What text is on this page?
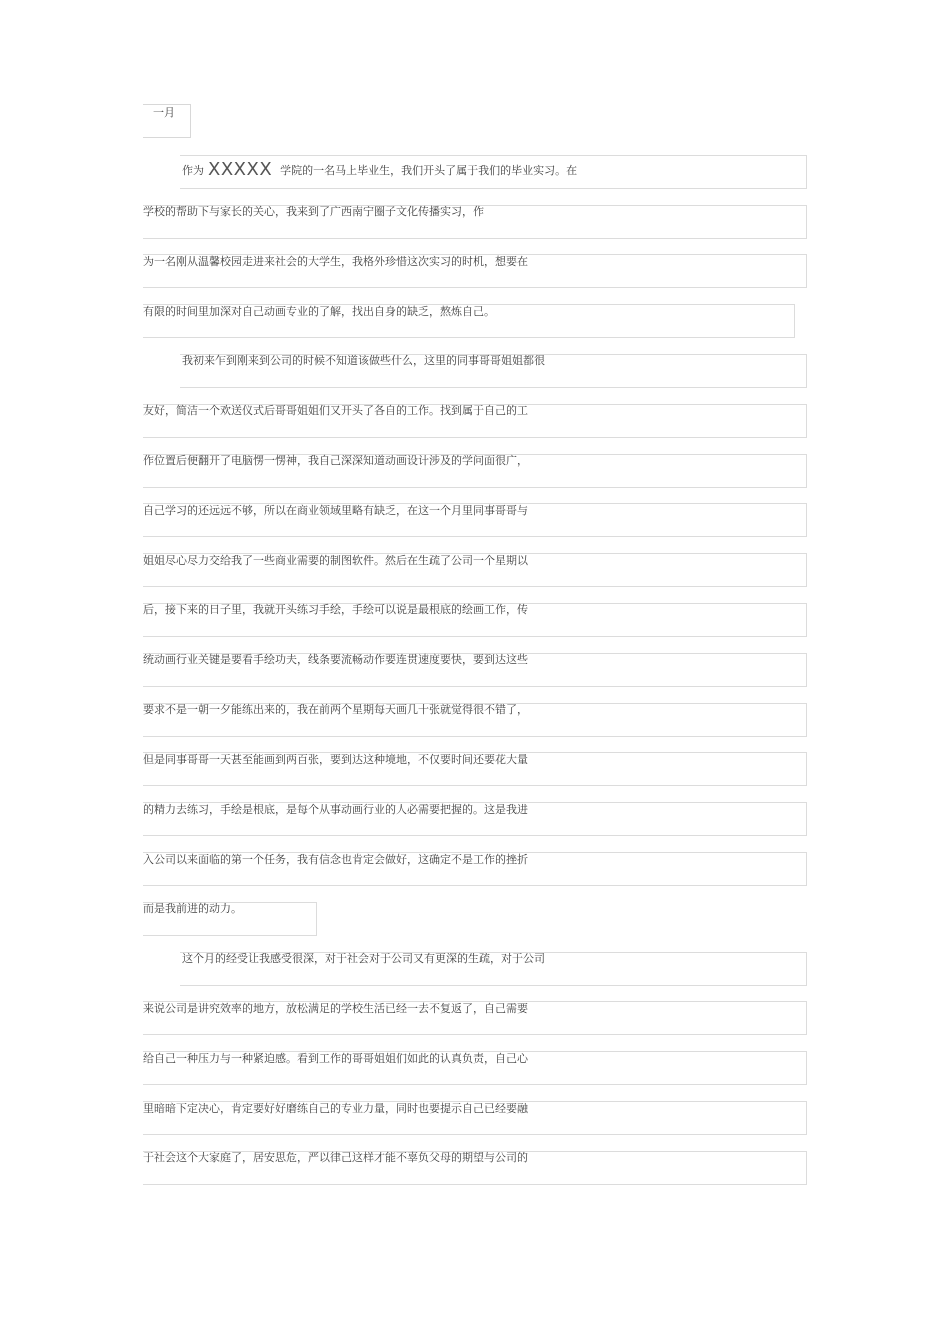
一月
作为 XXXXX 学院的一名马上毕业生，我们开头了属于我们的毕业实习。在
学校的帮助下与家长的关心，我来到了广西南宁圈子文化传播实习，作
为一名刚从温馨校园走进来社会的大学生，我格外珍惜这次实习的时机，想要在
有限的时间里加深对自己动画专业的了解，找出自身的缺乏，熬炼自己。
我初来乍到刚来到公司的时候不知道该做些什么，这里的同事哥哥姐姐都很
友好，简洁一个欢送仪式后哥哥姐姐们又开头了各自的工作。找到属于自己的工
作位置后便翻开了电脑愣一愣神，我自己深深知道动画设计涉及的学问面很广，
自己学习的还远远不够，所以在商业领域里略有缺乏，在这一个月里同事哥哥与
姐姐尽心尽力交给我了一些商业需要的制图软件。然后在生疏了公司一个星期以
后，接下来的日子里，我就开头练习手绘，手绘可以说是最根底的绘画工作，传
统动画行业关键是要看手绘功夫，线条要流畅动作要连贯速度要快，要到达这些
要求不是一朝一夕能练出来的，我在前两个星期每天画几十张就觉得很不错了，
但是同事哥哥一天甚至能画到两百张，要到达这种境地，不仅要时间还要花大量
的精力去练习，手绘是根底，是每个从事动画行业的人必需要把握的。这是我进
入公司以来面临的第一个任务，我有信念也肯定会做好，这确定不是工作的挫折
而是我前进的动力。
这个月的经受让我感受很深，对于社会对于公司又有更深的生疏，对于公司
来说公司是讲究效率的地方，放松满足的学校生活已经一去不复返了，自己需要
给自己一种压力与一种紧迫感。看到工作的哥哥姐姐们如此的认真负责，自己心
里暗暗下定决心，肯定要好好磨练自己的专业力量，同时也要提示自己已经要融
于社会这个大家庭了，居安思危，严以律己这样才能不辜负父母的期望与公司的
